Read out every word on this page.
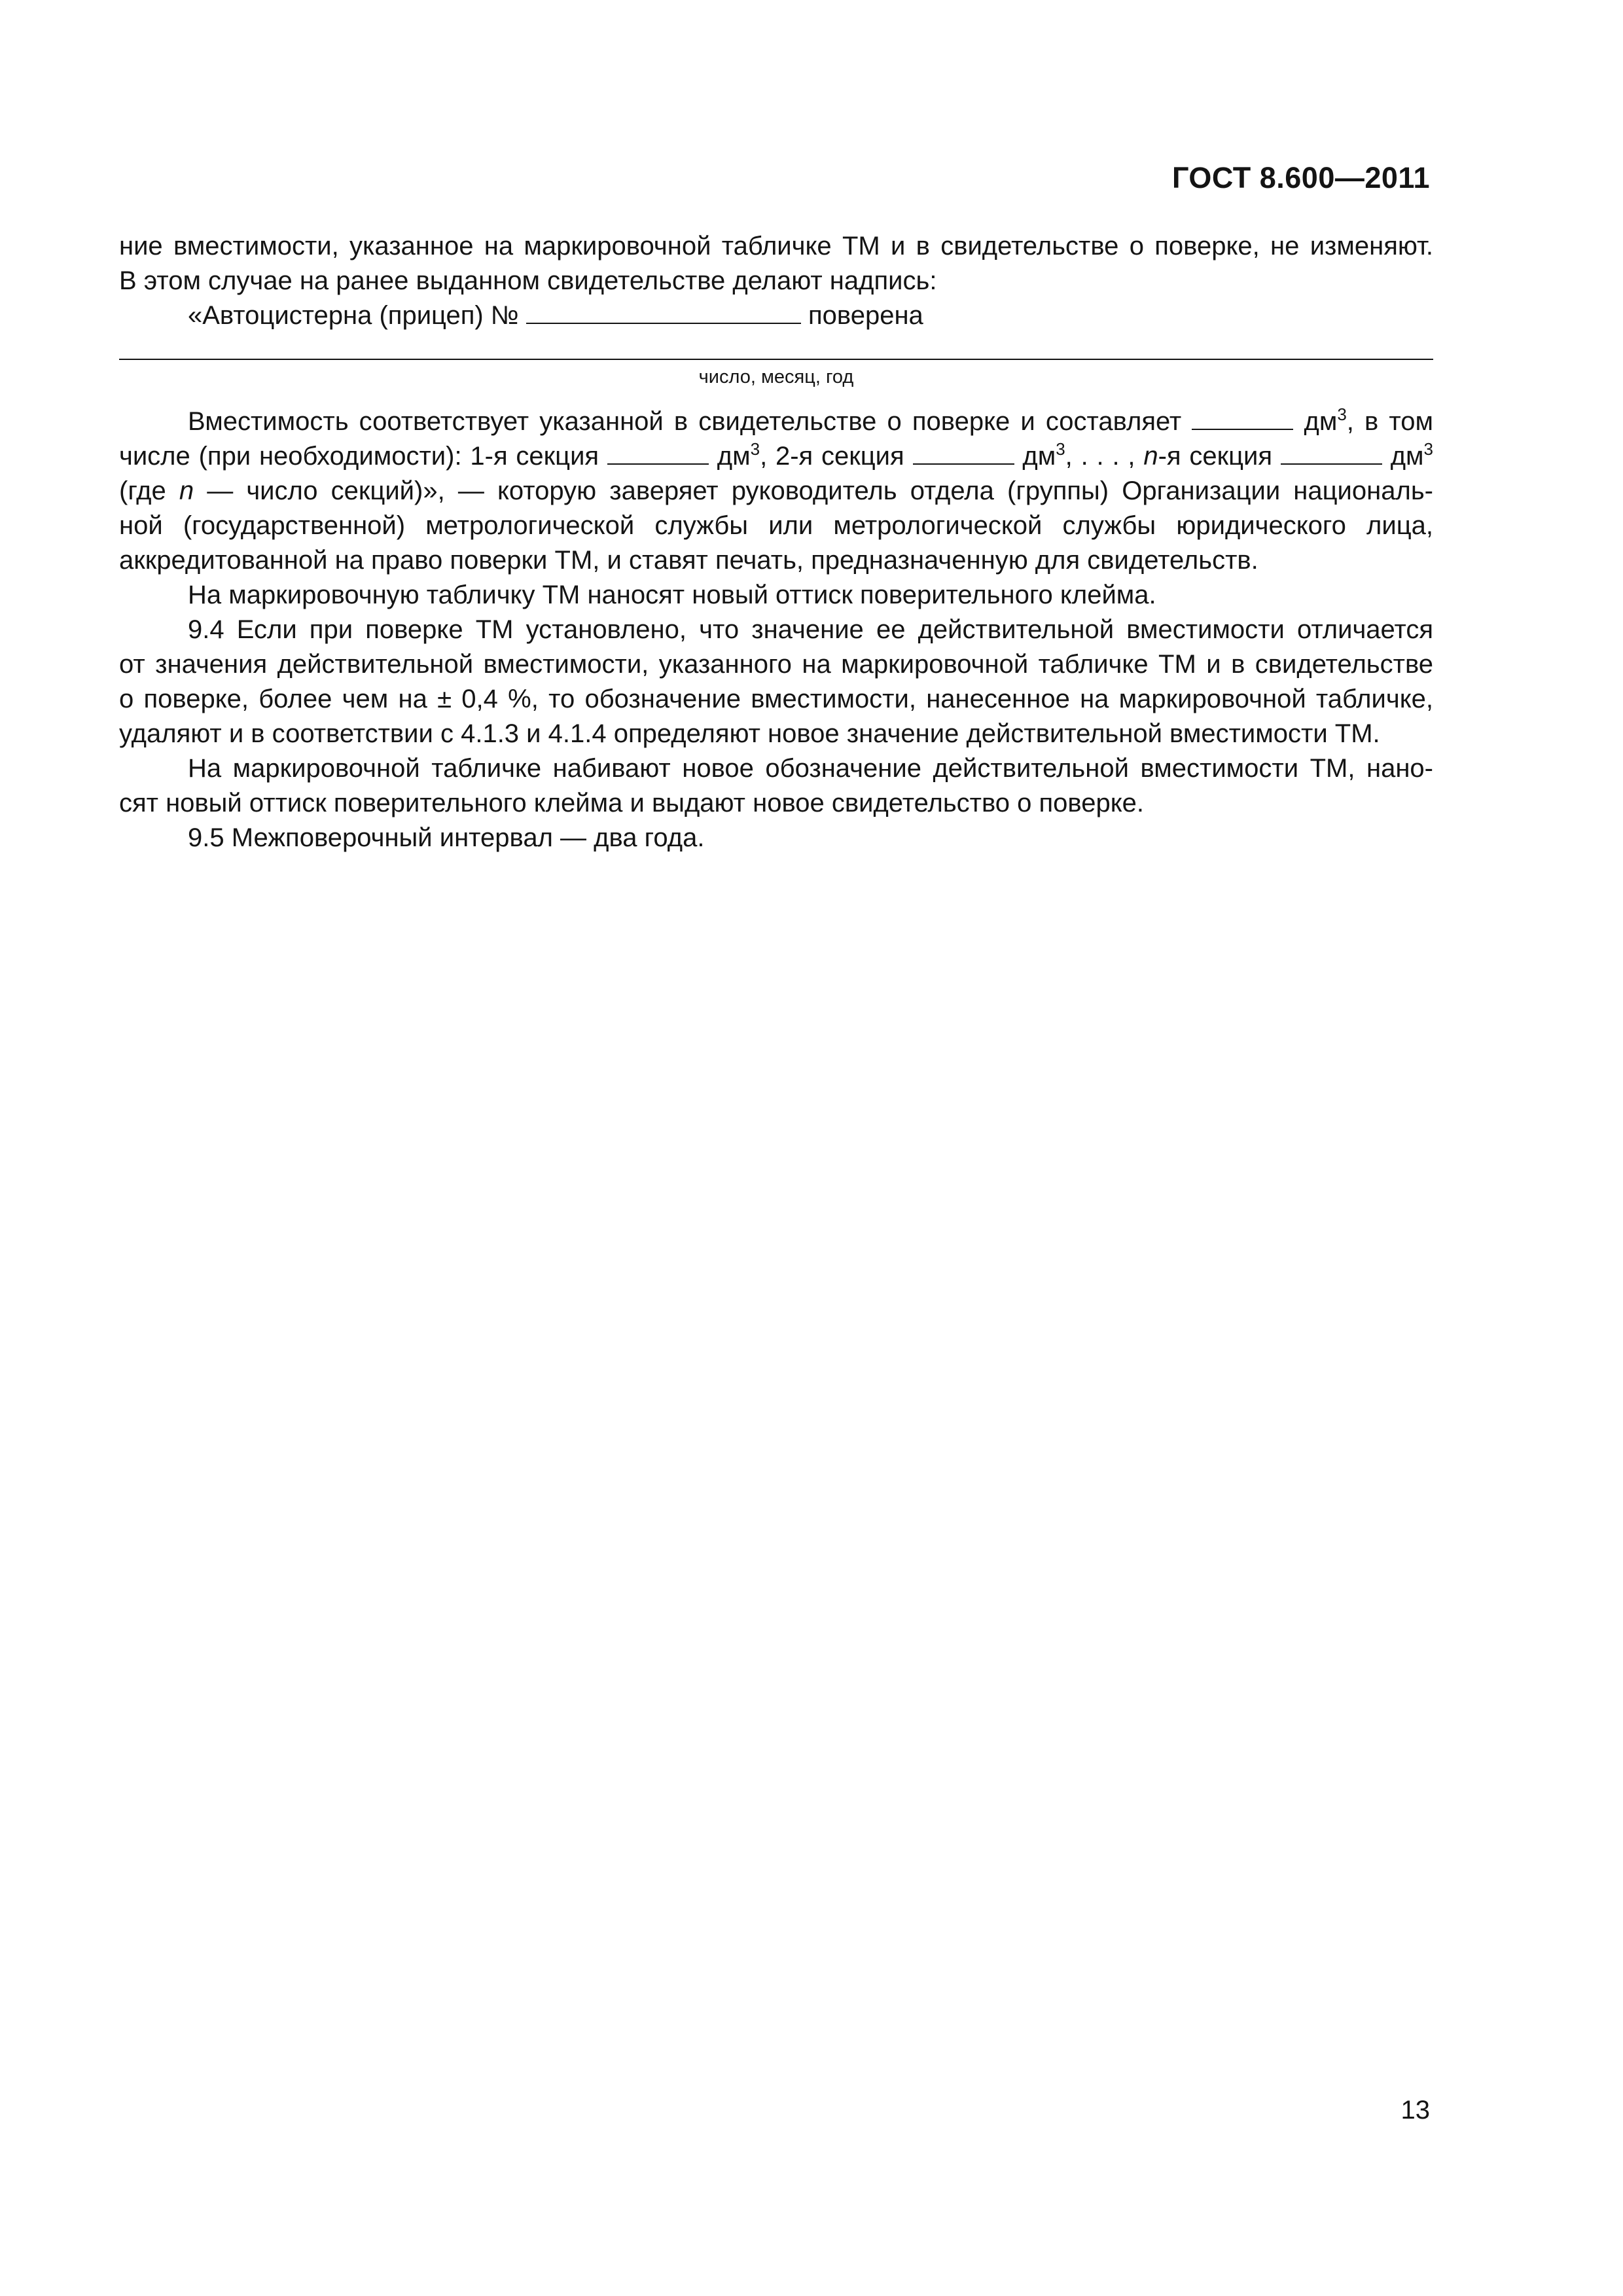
ГОСТ 8.600—2011
ние вместимости, указанное на маркировочной табличке ТМ и в свидетельстве о поверке, не изменяют.
В этом случае на ранее выданном свидетельстве делают надпись:
«Автоцистерна (прицеп) №	поверена
число, месяц, год
Вместимость соответствует указанной в свидетельстве о поверке и составляет	$дм^3$, в том
числе (при необходимости): 1-я секция	$дм^3$, 2-я секция	$дм^3$, . . . , n-я секция	$дм^3$
(где n — число секций)», — которую заверяет руководитель отдела (группы) Организации националь-
ной (государственной) метрологической службы или метрологической службы юридического лица,
аккредитованной на право поверки ТМ, и ставят печать, предназначенную для свидетельств.
На маркировочную табличку ТМ наносят новый оттиск поверительного клейма.
9.4 Если при поверке ТМ установлено, что значение ее действительной вместимости отличается
от значения действительной вместимости, указанного на маркировочной табличке ТМ и в свидетельстве
о поверке, более чем на ± 0,4 %, то обозначение вместимости, нанесенное на маркировочной табличке,
удаляют и в соответствии с 4.1.3 и 4.1.4 определяют новое значение действительной вместимости ТМ.
На маркировочной табличке набивают новое обозначение действительной вместимости ТМ, нано-
сят новый оттиск поверительного клейма и выдают новое свидетельство о поверке.
9.5 Межповерочный интервал — два года.
13
